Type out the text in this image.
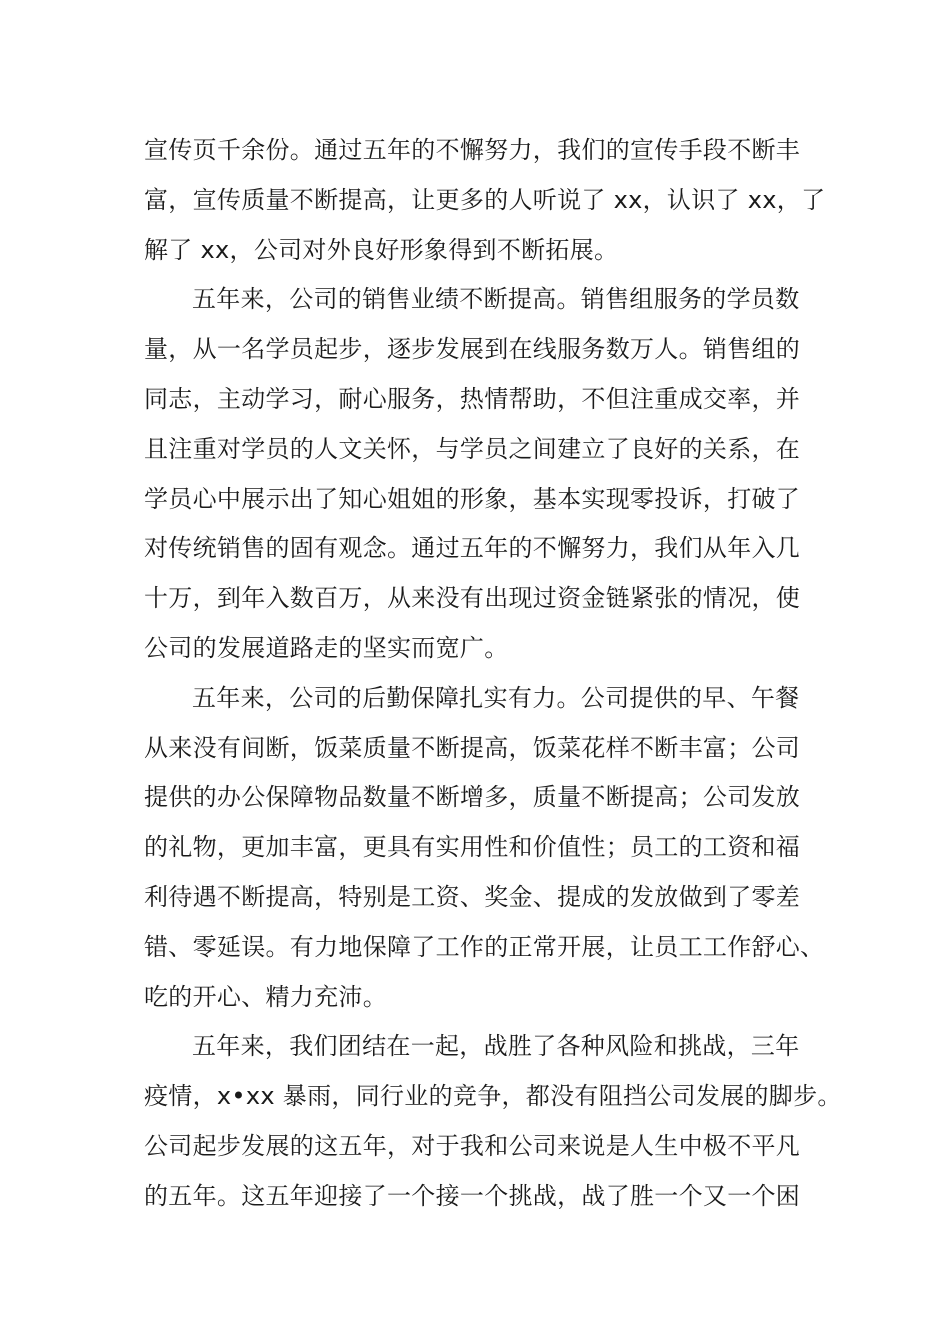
宣传页千余份。通过五年的不懈努力，我们的宣传手段不断丰
富，宣传质量不断提高，让更多的人听说了 xx，认识了 xx，了
解了 xx，公司对外良好形象得到不断拓展。
五年来，公司的销售业绩不断提高。销售组服务的学员数
量，从一名学员起步，逐步发展到在线服务数万人。销售组的
同志，主动学习，耐心服务，热情帮助，不但注重成交率，并
且注重对学员的人文关怀，与学员之间建立了良好的关系，在
学员心中展示出了知心姐姐的形象，基本实现零投诉，打破了
对传统销售的固有观念。通过五年的不懈努力，我们从年入几
十万，到年入数百万，从来没有出现过资金链紧张的情况，使
公司的发展道路走的坚实而宽广。
五年来，公司的后勤保障扎实有力。公司提供的早、午餐
从来没有间断，饭菜质量不断提高，饭菜花样不断丰富；公司
提供的办公保障物品数量不断增多，质量不断提高；公司发放
的礼物，更加丰富，更具有实用性和价值性；员工的工资和福
利待遇不断提高，特别是工资、奖金、提成的发放做到了零差
错、零延误。有力地保障了工作的正常开展，让员工工作舒心、
吃的开心、精力充沛。
五年来，我们团结在一起，战胜了各种风险和挑战，三年
疫情，x•xx 暴雨，同行业的竞争，都没有阻挡公司发展的脚步。
公司起步发展的这五年，对于我和公司来说是人生中极不平凡
的五年。这五年迎接了一个接一个挑战，战了胜一个又一个困
